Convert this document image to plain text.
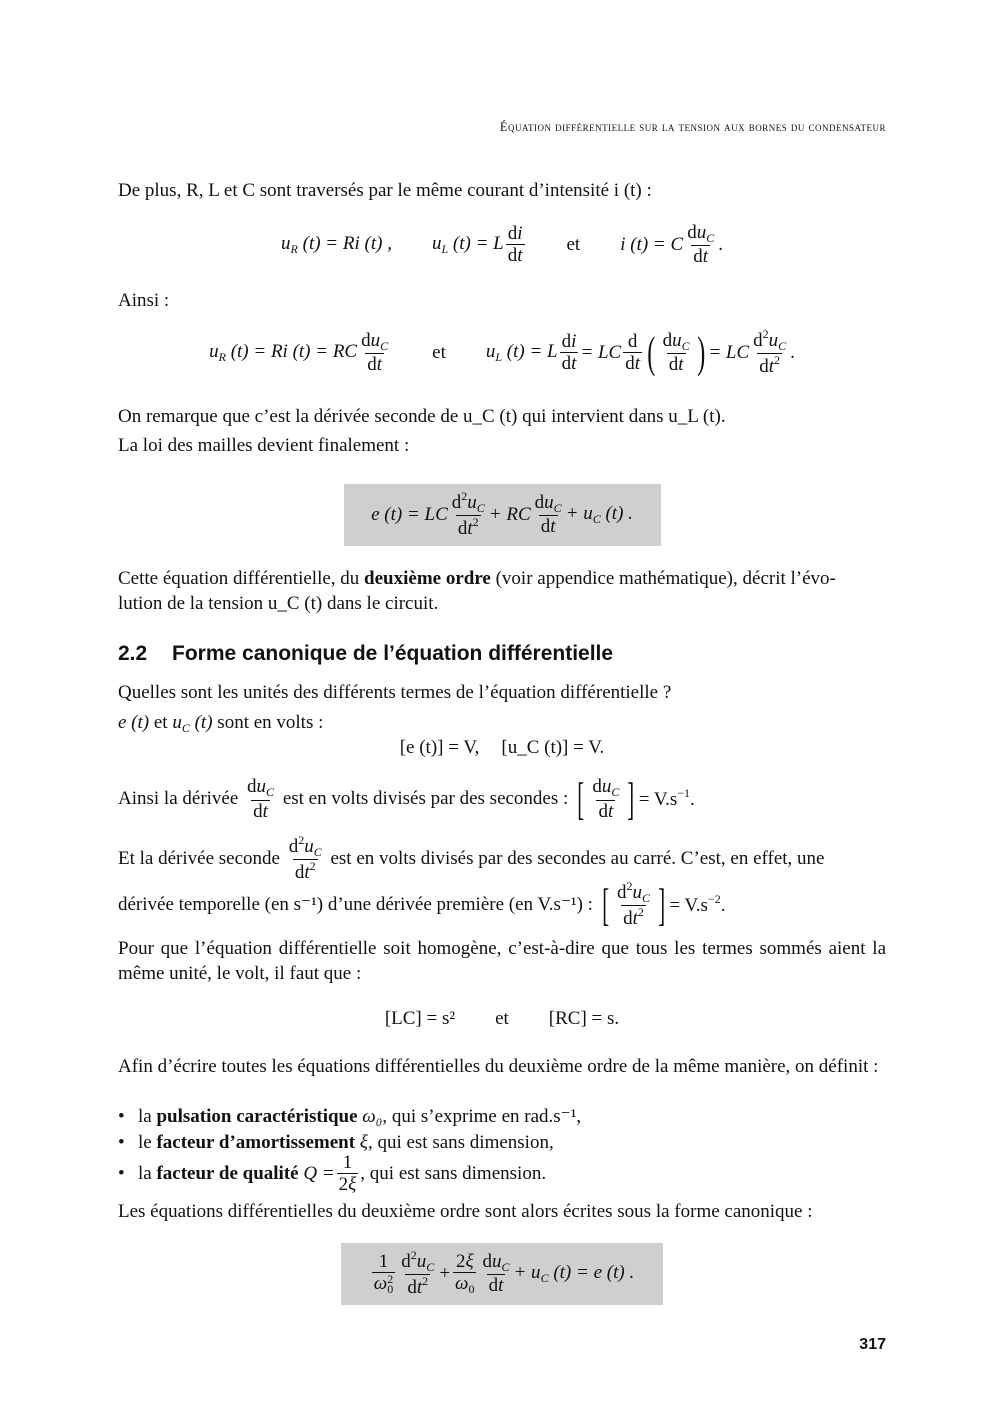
Équation différentielle sur la tension aux bornes du condensateur
De plus, R, L et C sont traversés par le même courant d’intensité i (t) :
$u_R$ (t) = Ri (t) , $u_L$ (t) = L $\frac{di}{dt}$ et i (t) = C $\frac{du_C}{dt}$ .
Ainsi :
$u_R$ (t) = Ri (t) = RC $\frac{du_C}{dt}$ et $u_L$ (t) = L $\frac{di}{dt}$ = LC $\frac{d}{dt}$ ( $\frac{du_C}{dt}$ ) = LC $\frac{d^2u_C}{dt^2}$ .
On remarque que c’est la dérivée seconde de u_C (t) qui intervient dans u_L (t).
La loi des mailles devient finalement :
e (t) = LC $\frac{d^2u_C}{dt^2}$ + RC $\frac{du_C}{dt} + u_C$ (t) .
Cette équation différentielle, du deuxième ordre (voir appendice mathématique), décrit l’évo-
lution de la tension u_C (t) dans le circuit.
2.2 Forme canonique de l’équation différentielle
Quelles sont les unités des différents termes de l’équation différentielle ?
e (t) et $u_C$ (t) sont en volts :
[e (t)] = V, [u_C (t)] = V.
Ainsi la dérivée
$\frac{du_C}{dt}$
est en volts divisés par des secondes :
[ $\frac{du_C}{dt}$ ] = $V.s^{-1}$.
Et la dérivée seconde
$\frac{d^2u_C}{dt^2}$
est en volts divisés par des secondes au carré. C’est, en effet, une
dérivée temporelle (en s⁻¹) d’une dérivée première (en V.s⁻¹) :
[ $\frac{d^2u_C}{dt^2}$ ] = $V.s^{-2}$.
Pour que l’équation différentielle soit homogène, c’est-à-dire que tous les termes sommés aient la même unité, le volt, il faut que :
[LC] = s² et [RC] = s.
Afin d’écrire toutes les équations différentielles du deuxième ordre de la même manière, on définit :
• la pulsation caractéristique ω₀, qui s’exprime en rad.s⁻¹,
• le facteur d’amortissement ξ, qui est sans dimension,
• la
facteur de qualité
$Q = \frac{1}{2\xi}$ , qui est sans dimension.
Les équations différentielles du deuxième ordre sont alors écrites sous la forme canonique :
$\frac{1}{\omega^2_0} \frac{d^2u_C}{dt^2} + \frac{2\xi}{\omega_0} \frac{du_C}{dt} + u_C$ (t) = e (t) .
317
